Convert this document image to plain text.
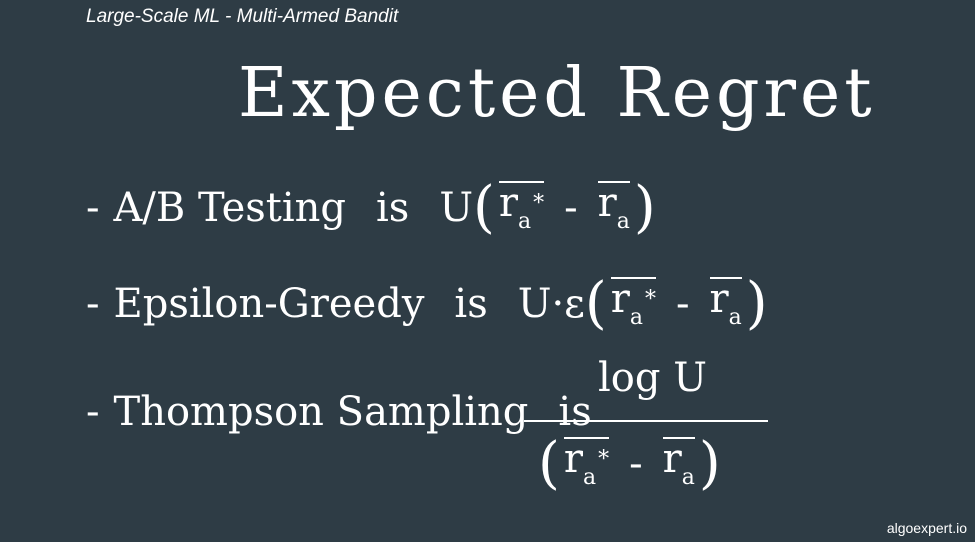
Large-Scale ML - Multi-Armed Bandit
Expected Regret
- A/B Testing is U ( $r_a* - r_a$ )
- Epsilon-Greedy is U·ε ( $r_a* - r_a$ )
- Thompson Sampling is
log U
( $r_a* - r_a$ )
algoexpert.io
